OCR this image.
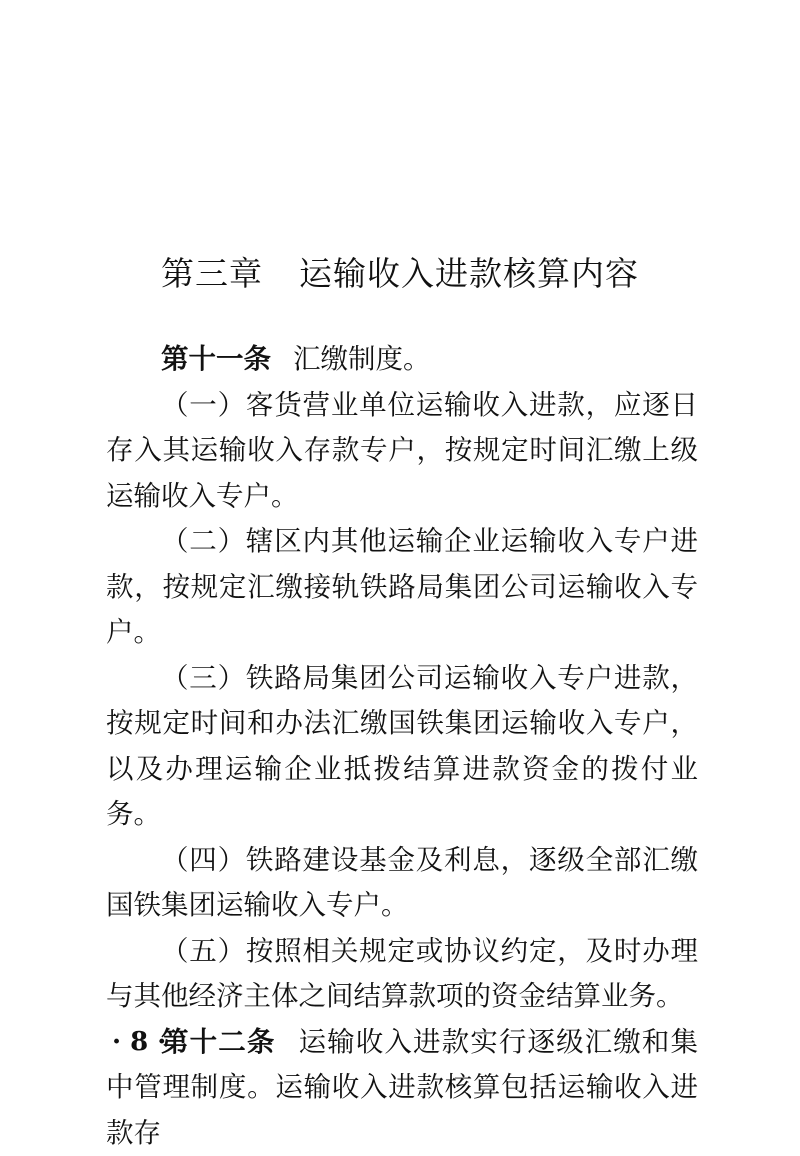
第三章 运输收入进款核算内容

第十一条 汇缴制度。

（一）客货营业单位运输收入进款，应逐日存入其运输收入存款专户，按规定时间汇缴上级运输收入专户。

（二）辖区内其他运输企业运输收入专户进款，按规定汇缴接轨铁路局集团公司运输收入专户。

（三）铁路局集团公司运输收入专户进款，按规定时间和办法汇缴国铁集团运输收入专户，以及办理运输企业抵拨结算进款资金的拨付业务。

（四）铁路建设基金及利息，逐级全部汇缴国铁集团运输收入专户。

（五）按照相关规定或协议约定，及时办理与其他经济主体之间结算款项的资金结算业务。

第十二条 运输收入进款实行逐级汇缴和集中管理制度。运输收入进款核算包括运输收入进款存

· 8 ·
